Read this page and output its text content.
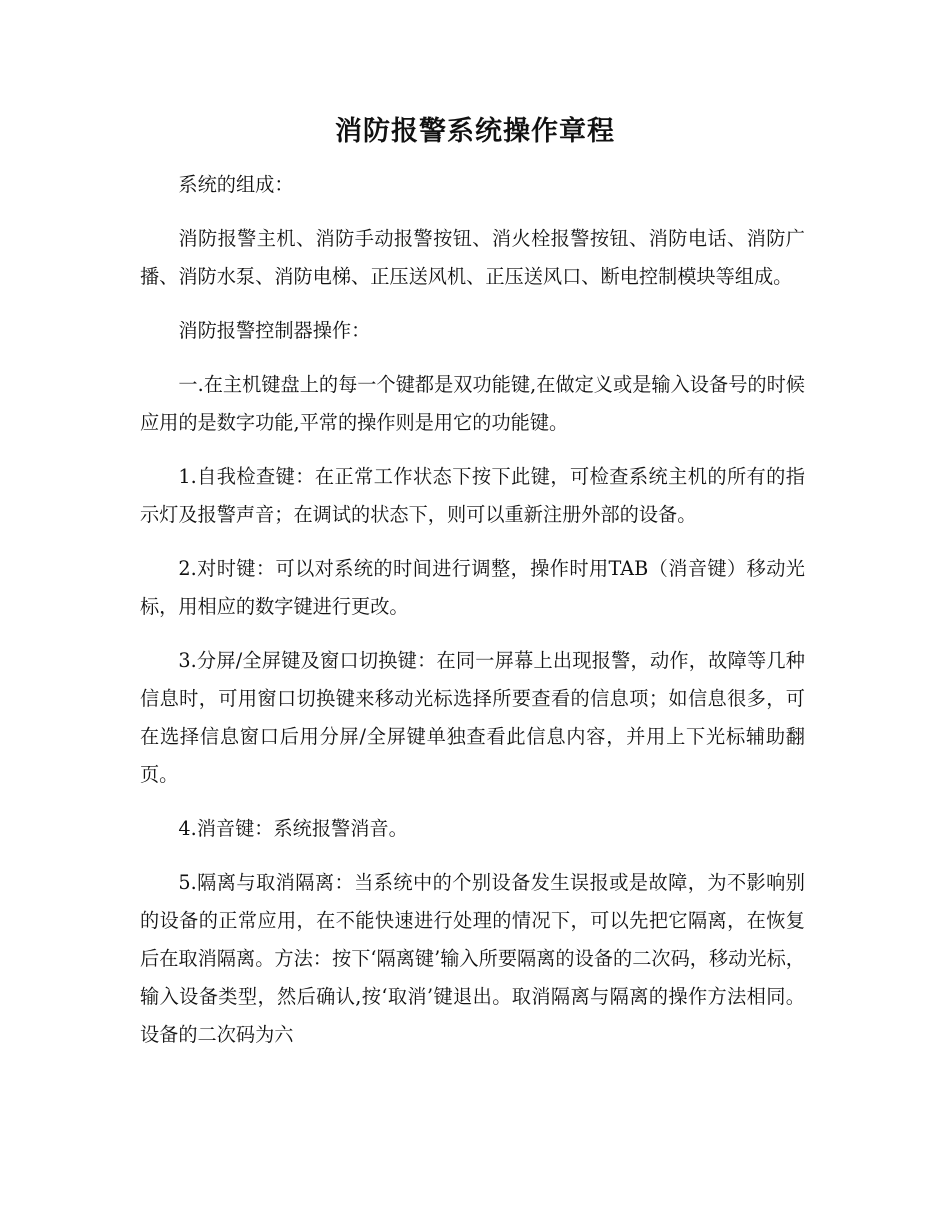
消防报警系统操作章程

系统的组成：

消防报警主机、消防手动报警按钮、消火栓报警按钮、消防电话、消防广播、消防水泵、消防电梯、正压送风机、正压送风口、断电控制模块等组成。

消防报警控制器操作：

一.在主机键盘上的每一个键都是双功能键,在做定义或是输入设备号的时候应用的是数字功能,平常的操作则是用它的功能键。

1.自我检查键：在正常工作状态下按下此键，可检查系统主机的所有的指示灯及报警声音；在调试的状态下，则可以重新注册外部的设备。

2.对时键：可以对系统的时间进行调整，操作时用TAB（消音键）移动光标，用相应的数字键进行更改。

3.分屏/全屏键及窗口切换键：在同一屏幕上出现报警，动作，故障等几种信息时，可用窗口切换键来移动光标选择所要查看的信息项；如信息很多，可在选择信息窗口后用分屏/全屏键单独查看此信息内容，并用上下光标辅助翻页。

4.消音键：系统报警消音。

5.隔离与取消隔离：当系统中的个别设备发生误报或是故障，为不影响别的设备的正常应用，在不能快速进行处理的情况下，可以先把它隔离，在恢复后在取消隔离。方法：按下‘隔离键’输入所要隔离的设备的二次码，移动光标，输入设备类型，然后确认,按‘取消’键退出。取消隔离与隔离的操作方法相同。设备的二次码为六
